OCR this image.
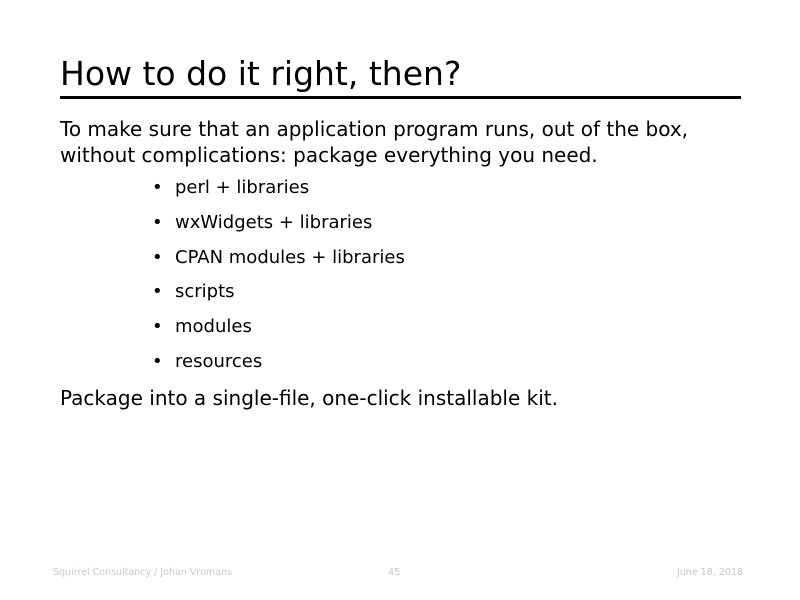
How to do it right, then?

To make sure that an application program runs, out of the box, without complications: package everything you need.

• perl + libraries
• wxWidgets + libraries
• CPAN modules + libraries
• scripts
• modules
• resources

Package into a single-file, one-click installable kit.

Squirrel Consultancy / Johan Vromans	45	June 18, 2018
